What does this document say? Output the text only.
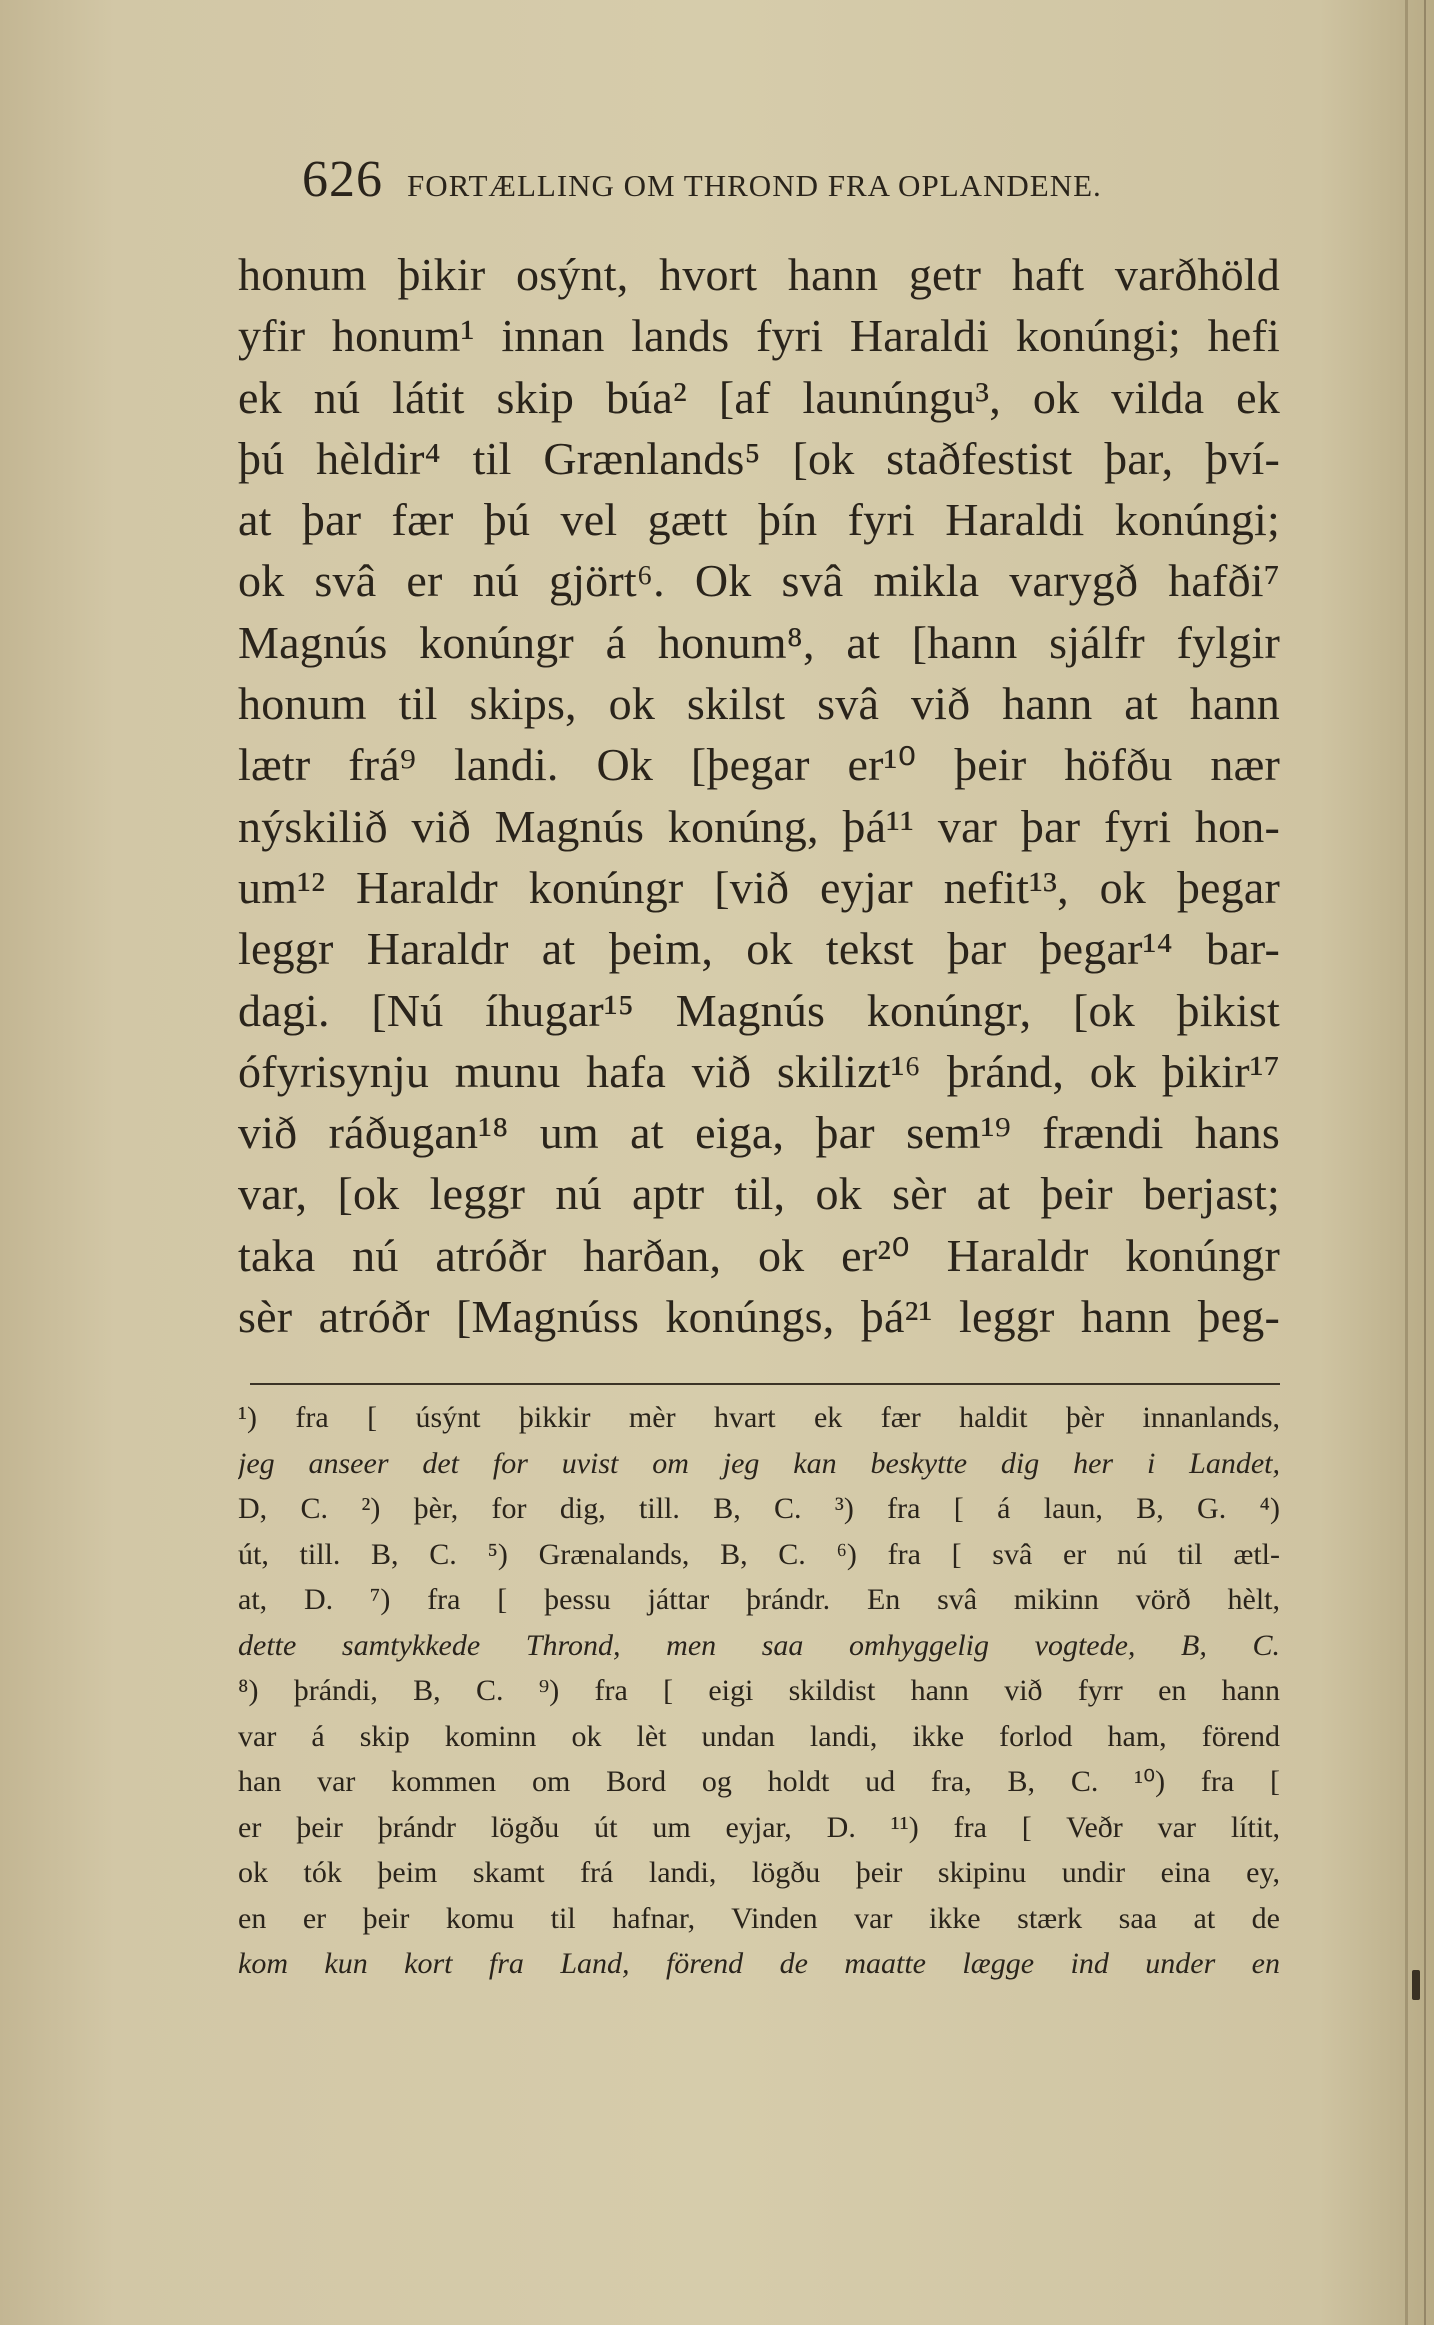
626 FORTÆLLING OM THROND FRA OPLANDENE.
honum þikir osýnt, hvort hann getr haft varðhöld
yfir honum¹ innan lands fyri Haraldi konúngi; hefi
ek nú látit skip búa² [af launúngu³, ok vilda ek
þú hèldir⁴ til Grænlands⁵ [ok staðfestist þar, því-
at þar fær þú vel gætt þín fyri Haraldi konúngi;
ok svâ er nú gjört⁶. Ok svâ mikla varygð hafði⁷
Magnús konúngr á honum⁸, at [hann sjálfr fylgir
honum til skips, ok skilst svâ við hann at hann
lætr frá⁹ landi. Ok [þegar er¹⁰ þeir höfðu nær
nýskilið við Magnús konúng, þá¹¹ var þar fyri hon-
um¹² Haraldr konúngr [við eyjar nefit¹³, ok þegar
leggr Haraldr at þeim, ok tekst þar þegar¹⁴ bar-
dagi. [Nú íhugar¹⁵ Magnús konúngr, [ok þikist
ófyrisynju munu hafa við skilizt¹⁶ þránd, ok þikir¹⁷
við ráðugan¹⁸ um at eiga, þar sem¹⁹ frændi hans
var, [ok leggr nú aptr til, ok sèr at þeir berjast;
taka nú atróðr harðan, ok er²⁰ Haraldr konúngr
sèr atróðr [Magnúss konúngs, þá²¹ leggr hann þeg-
¹) fra [ úsýnt þikkir mèr hvart ek fær haldit þèr innanlands,
jeg anseer det for uvist om jeg kan beskytte dig her i Landet,
D, C. ²) þèr, for dig, till. B, C. ³) fra [ á laun, B, G. ⁴)
út, till. B, C. ⁵) Grænalands, B, C. ⁶) fra [ svâ er nú til ætl-
at, D. ⁷) fra [ þessu játtar þrándr. En svâ mikinn vörð hèlt,
dette samtykkede Thrond, men saa omhyggelig vogtede, B, C.
⁸) þrándi, B, C. ⁹) fra [ eigi skildist hann við fyrr en hann
var á skip kominn ok lèt undan landi, ikke forlod ham, förend
han var kommen om Bord og holdt ud fra, B, C. ¹⁰) fra [
er þeir þrándr lögðu út um eyjar, D. ¹¹) fra [ Veðr var lítit,
ok tók þeim skamt frá landi, lögðu þeir skipinu undir eina ey,
en er þeir komu til hafnar, Vinden var ikke stærk saa at de
kom kun kort fra Land, förend de maatte lægge ind under en
